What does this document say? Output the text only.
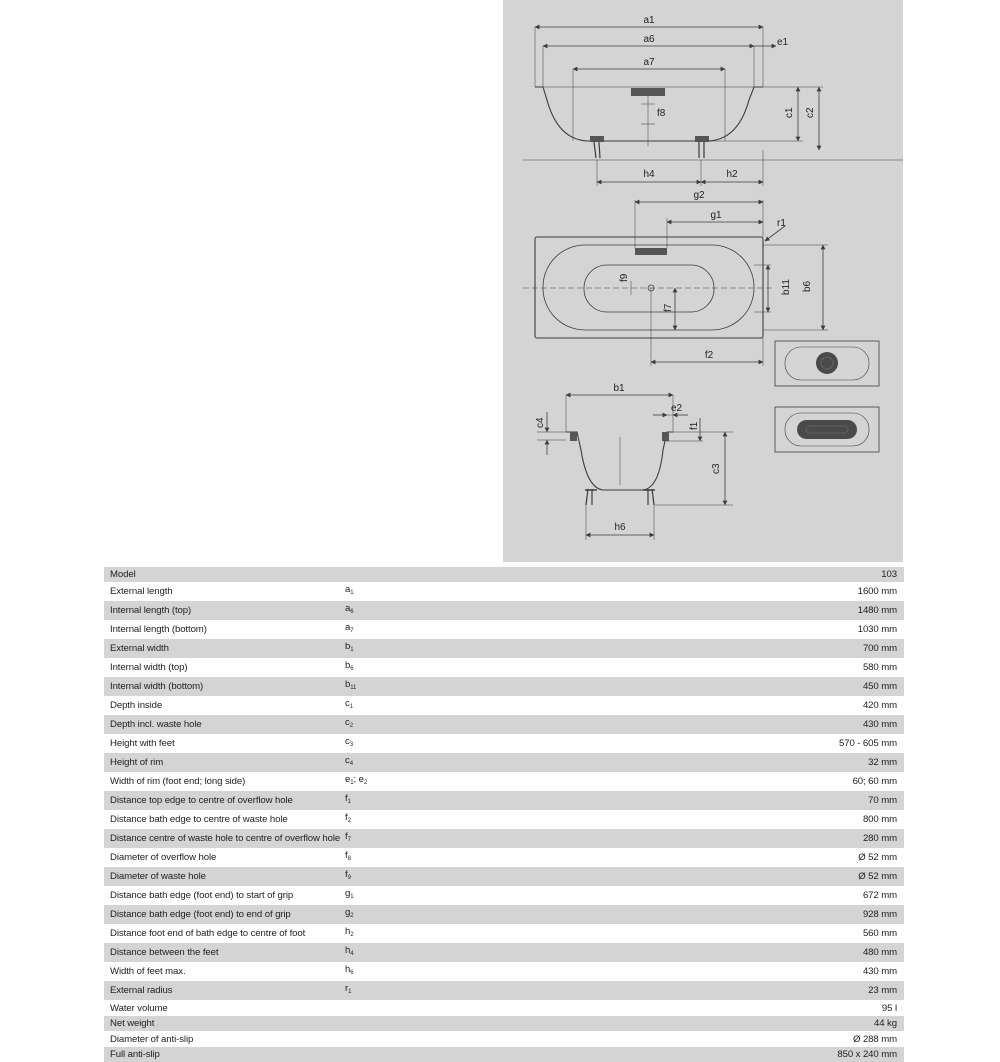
a1
a6	e1
a7
f8	c1 c2
h4	h2
g2
g1
r1
f9
b11 b6
f7
f2
b1
e2
c4	f1
c3
h6
Model		103
External length	$a_1$	1600 mm
Internal length (top)	$a_6$	1480 mm
Internal length (bottom)	$a_7$	1030 mm
External width	$b_1$	700 mm
Internal width (top)	$b_6$	580 mm
Internal width (bottom)	$b_{11}$	450 mm
Depth inside	$c_1$	420 mm
Depth incl. waste hole	$c_2$	430 mm
Height with feet	$c_3$	570 - 605 mm
Height of rim	$c_4$	32 mm
Width of rim (foot end; long side)	$e_1$; $e_2$	60; 60 mm
Distance top edge to centre of overflow hole	$f_1$	70 mm
Distance bath edge to centre of waste hole	$f_2$	800 mm
Distance centre of waste hole to centre of overflow hole	$f_7$	280 mm
Diameter of overflow hole	$f_8$	Ø 52 mm
Diameter of waste hole	$f_9$	Ø 52 mm
Distance bath edge (foot end) to start of grip	$g_1$	672 mm
Distance bath edge (foot end) to end of grip	$g_2$	928 mm
Distance foot end of bath edge to centre of foot	$h_2$	560 mm
Distance between the feet	$h_4$	480 mm
Width of feet max.	$h_6$	430 mm
External radius	$r_1$	23 mm
Water volume		95 l
Net weight		44 kg
Diameter of anti-slip		Ø 288 mm
Full anti-slip		850 x 240 mm
